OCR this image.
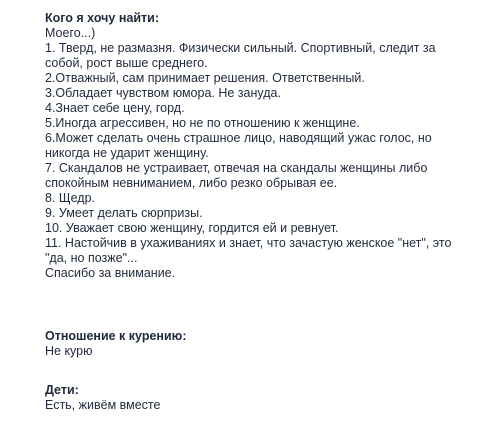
Кого я хочу найти:

Моего...)
1. Тверд, не размазня. Физически сильный. Спортивный, следит за собой, рост выше среднего.
2.Отважный, сам принимает решения. Ответственный.
3.Обладает чувством юмора. Не зануда.
4.Знает себе цену, горд.
5.Иногда агрессивен, но не по отношению к женщине.
6.Может сделать очень страшное лицо, наводящий ужас голос, но никогда не ударит женщину.
7. Скандалов не устраивает, отвечая на скандалы женщины либо спокойным невниманием, либо резко обрывая ее.
8. Щедр.
9. Умеет делать сюрпризы.
10. Уважает свою женщину, гордится ей и ревнует.
11. Настойчив в ухаживаниях и знает, что зачастую женское "нет", это "да, но позже"...
Спасибо за внимание.

Отношение к курению:

Не курю

Дети:

Есть, живём вместе
